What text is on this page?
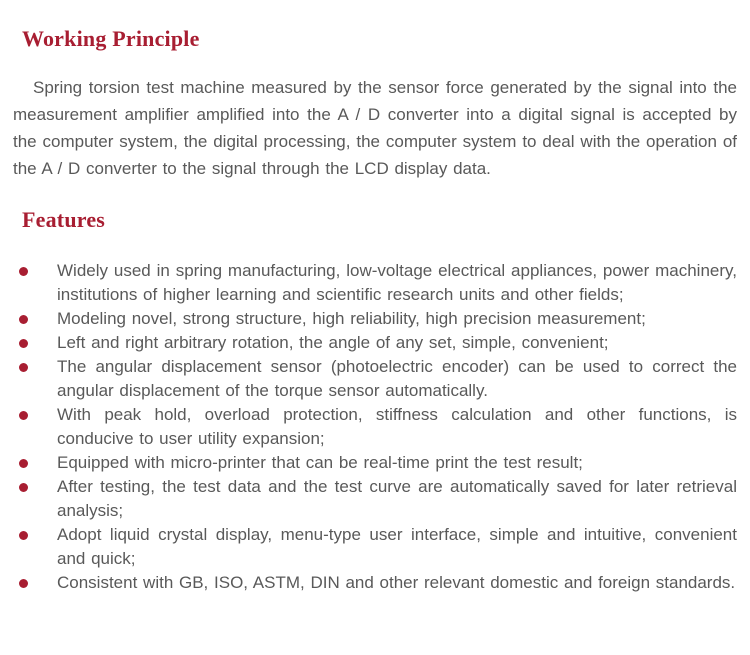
Working Principle

Spring torsion test machine measured by the sensor force generated by the signal into the measurement amplifier amplified into the A / D converter into a digital signal is accepted by the computer system, the digital processing, the computer system to deal with the operation of the A / D converter to the signal through the LCD display data.

Features
Widely used in spring manufacturing, low-voltage electrical appliances, power machinery, institutions of higher learning and scientific research units and other fields;
Modeling novel, strong structure, high reliability, high precision measurement;
Left and right arbitrary rotation, the angle of any set, simple, convenient;
The angular displacement sensor (photoelectric encoder) can be used to correct the angular displacement of the torque sensor automatically.
With peak hold, overload protection, stiffness calculation and other functions, is conducive to user utility expansion;
Equipped with micro-printer that can be real-time print the test result;
After testing, the test data and the test curve are automatically saved for later retrieval analysis;
Adopt liquid crystal display, menu-type user interface, simple and intuitive, convenient and quick;
Consistent with GB, ISO, ASTM, DIN and other relevant domestic and foreign standards.
